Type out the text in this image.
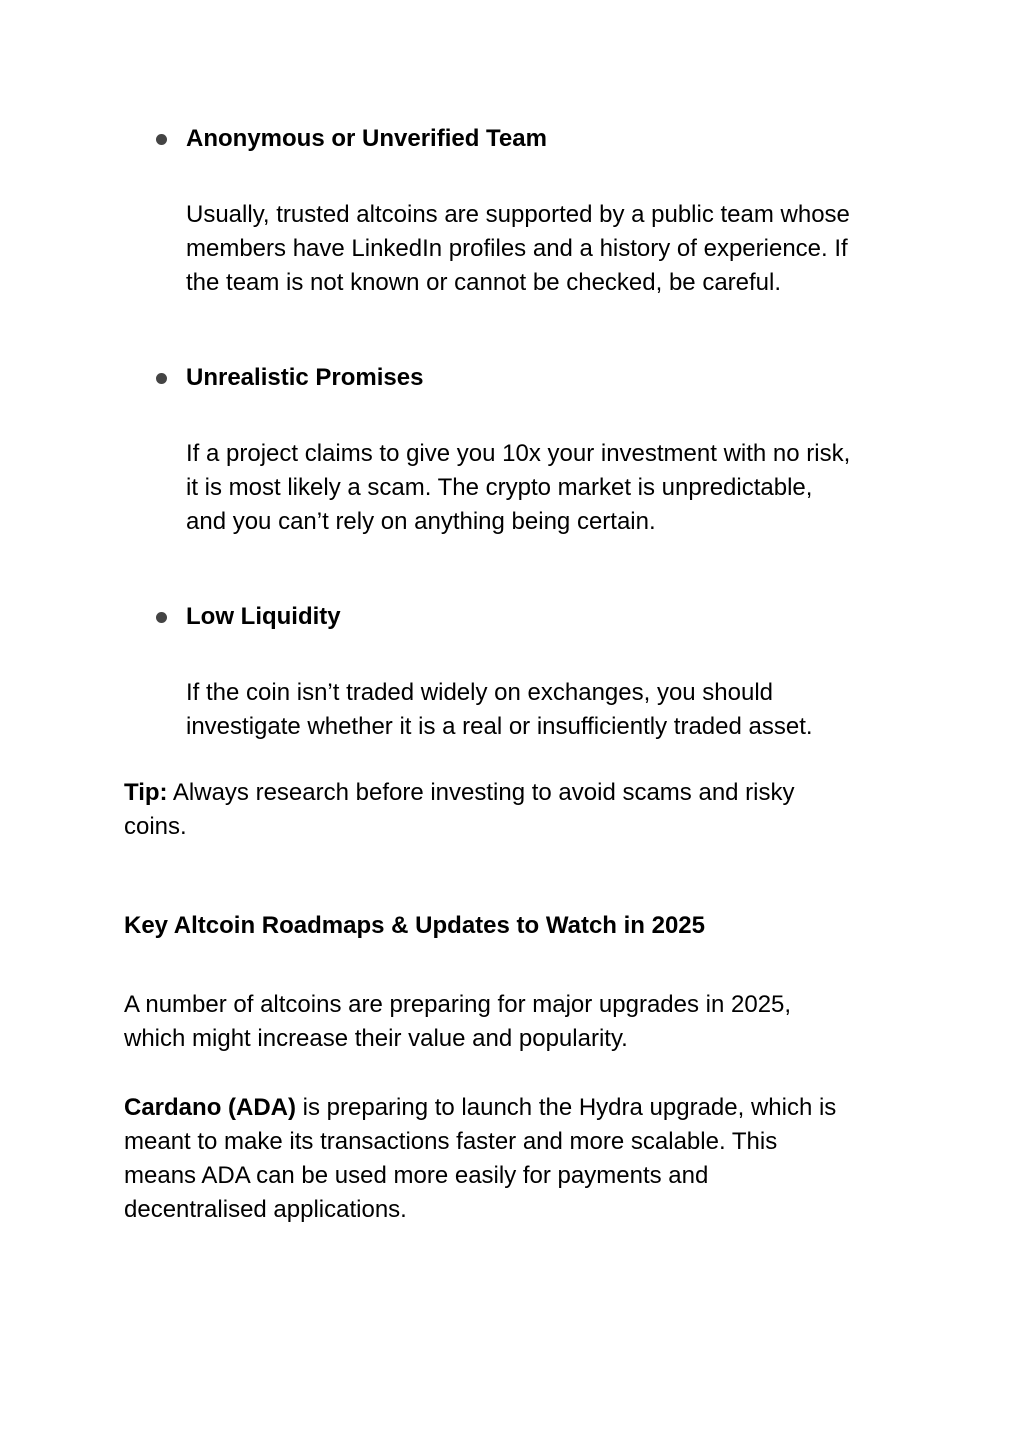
Anonymous or Unverified Team
Usually, trusted altcoins are supported by a public team whose
members have LinkedIn profiles and a history of experience. If
the team is not known or cannot be checked, be careful.
Unrealistic Promises
If a project claims to give you 10x your investment with no risk,
it is most likely a scam. The crypto market is unpredictable,
and you can’t rely on anything being certain.
Low Liquidity
If the coin isn’t traded widely on exchanges, you should
investigate whether it is a real or insufficiently traded asset.
Tip: Always research before investing to avoid scams and risky
coins.
Key Altcoin Roadmaps & Updates to Watch in 2025
A number of altcoins are preparing for major upgrades in 2025,
which might increase their value and popularity.
Cardano (ADA) is preparing to launch the Hydra upgrade, which is
meant to make its transactions faster and more scalable. This
means ADA can be used more easily for payments and
decentralised applications.
